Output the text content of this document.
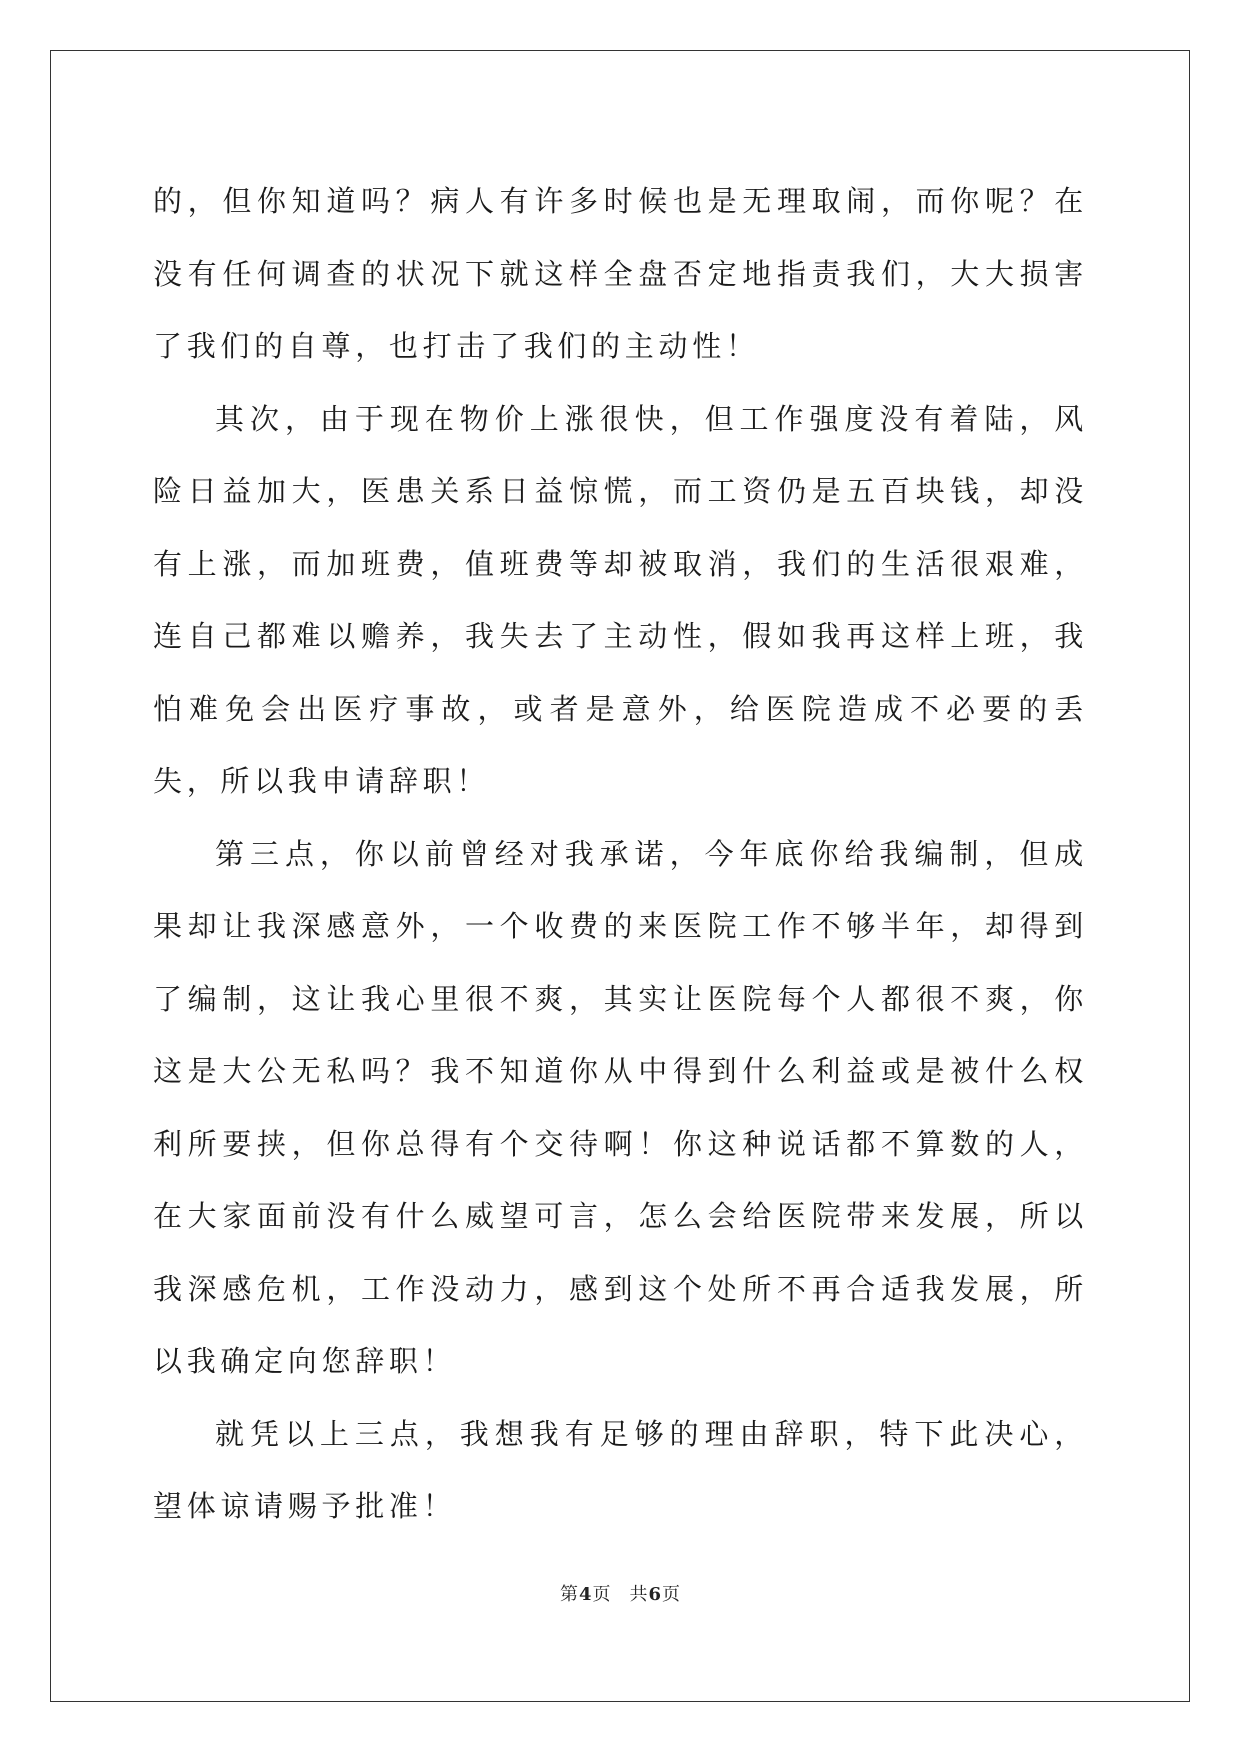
的，但你知道吗？病人有许多时候也是无理取闹，而你呢？在没有任何调查的状况下就这样全盘否定地指责我们，大大损害了我们的自尊，也打击了我们的主动性！

其次，由于现在物价上涨很快，但工作强度没有着陆，风险日益加大，医患关系日益惊慌，而工资仍是五百块钱，却没有上涨，而加班费，值班费等却被取消，我们的生活很艰难，连自己都难以赡养，我失去了主动性，假如我再这样上班，我怕难免会出医疗事故，或者是意外，给医院造成不必要的丢失，所以我申请辞职！

第三点，你以前曾经对我承诺，今年底你给我编制，但成果却让我深感意外，一个收费的来医院工作不够半年，却得到了编制，这让我心里很不爽，其实让医院每个人都很不爽，你这是大公无私吗？我不知道你从中得到什么利益或是被什么权利所要挟，但你总得有个交待啊！你这种说话都不算数的人，在大家面前没有什么威望可言，怎么会给医院带来发展，所以我深感危机，工作没动力，感到这个处所不再合适我发展，所以我确定向您辞职！

就凭以上三点，我想我有足够的理由辞职，特下此决心，望体谅请赐予批准！

第4页 共6页
